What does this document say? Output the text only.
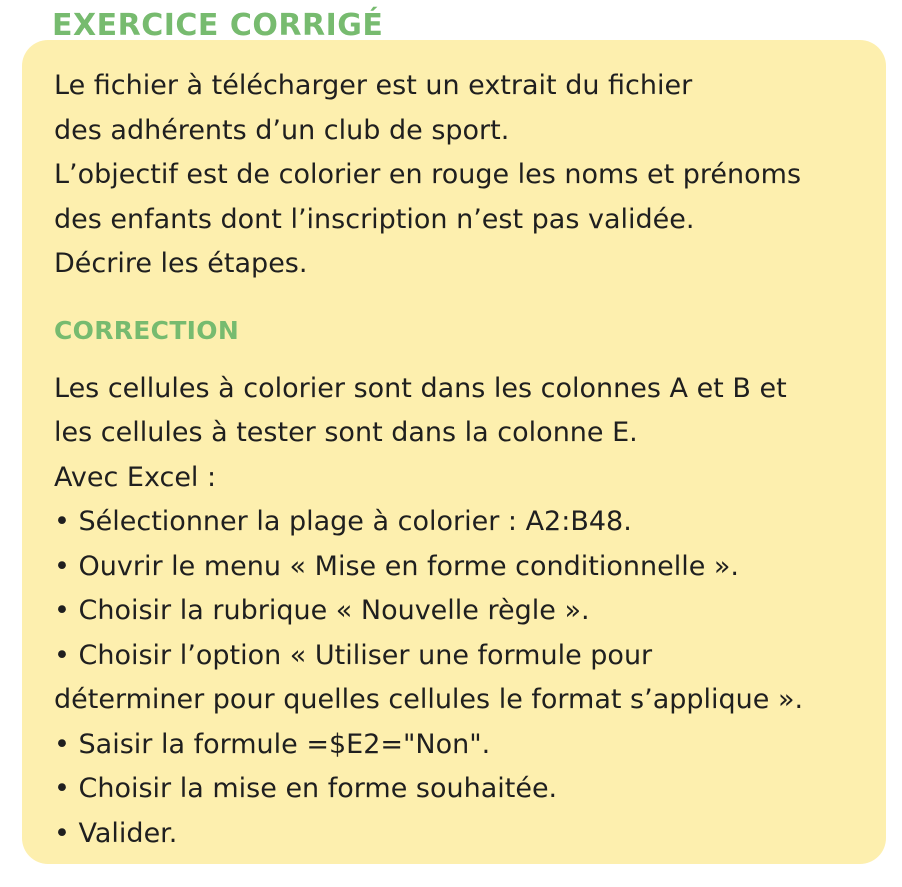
EXERCICE CORRIGÉ

Le fichier à télécharger est un extrait du fichier
des adhérents d’un club de sport.
L’objectif est de colorier en rouge les noms et prénoms
des enfants dont l’inscription n’est pas validée.
Décrire les étapes.

CORRECTION

Les cellules à colorier sont dans les colonnes A et B et
les cellules à tester sont dans la colonne E.
Avec Excel :
• Sélectionner la plage à colorier : A2:B48.
• Ouvrir le menu « Mise en forme conditionnelle ».
• Choisir la rubrique « Nouvelle règle ».
• Choisir l’option « Utiliser une formule pour
déterminer pour quelles cellules le format s’applique ».
• Saisir la formule =$E2="Non".
• Choisir la mise en forme souhaitée.
• Valider.
